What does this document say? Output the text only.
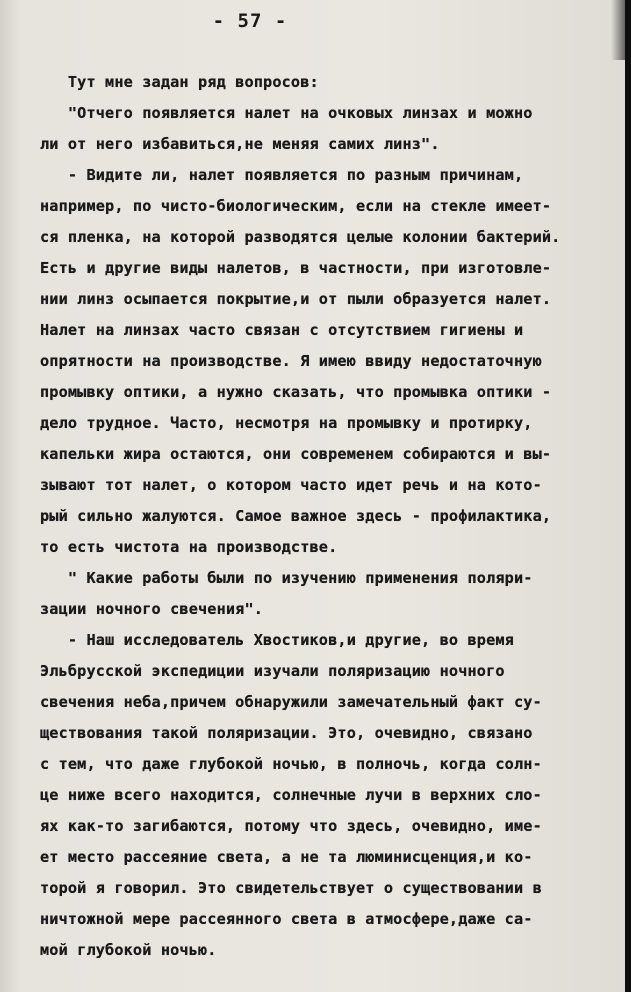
- 57 -
Тут мне задан ряд вопросов:
"Отчего появляется налет на очковых линзах и можно
ли от него избавиться,не меняя самих линз".
- Видите ли, налет появляется по разным причинам,
например, по чисто-биологическим, если на стекле имеет-
ся пленка, на которой разводятся целые колонии бактерий.
Есть и другие виды налетов, в частности, при изготовле-
нии линз осыпается покрытие,и от пыли образуется налет.
Налет на линзах часто связан с отсутствием гигиены и
опрятности на производстве. Я имею ввиду недостаточную
промывку оптики, а нужно сказать, что промывка оптики -
дело трудное. Часто, несмотря на промывку и протирку,
капельки жира остаются, они современем собираются и вы-
зывают тот налет, о котором часто идет речь и на кото-
рый сильно жалуются. Самое важное здесь - профилактика,
то есть чистота на производстве.
" Какие работы были по изучению применения поляри-
зации ночного свечения".
- Наш исследователь Хвостиков,и другие, во время
Эльбрусской экспедиции изучали поляризацию ночного
свечения неба,причем обнаружили замечательный факт су-
ществования такой поляризации. Это, очевидно, связано
с тем, что даже глубокой ночью, в полночь, когда солн-
це ниже всего находится, солнечные лучи в верхних сло-
ях как-то загибаются, потому что здесь, очевидно, име-
ет место рассеяние света, а не та люминисценция,и ко-
торой я говорил. Это свидетельствует о существовании в
ничтожной мере рассеянного света в атмосфере,даже са-
мой глубокой ночью.
